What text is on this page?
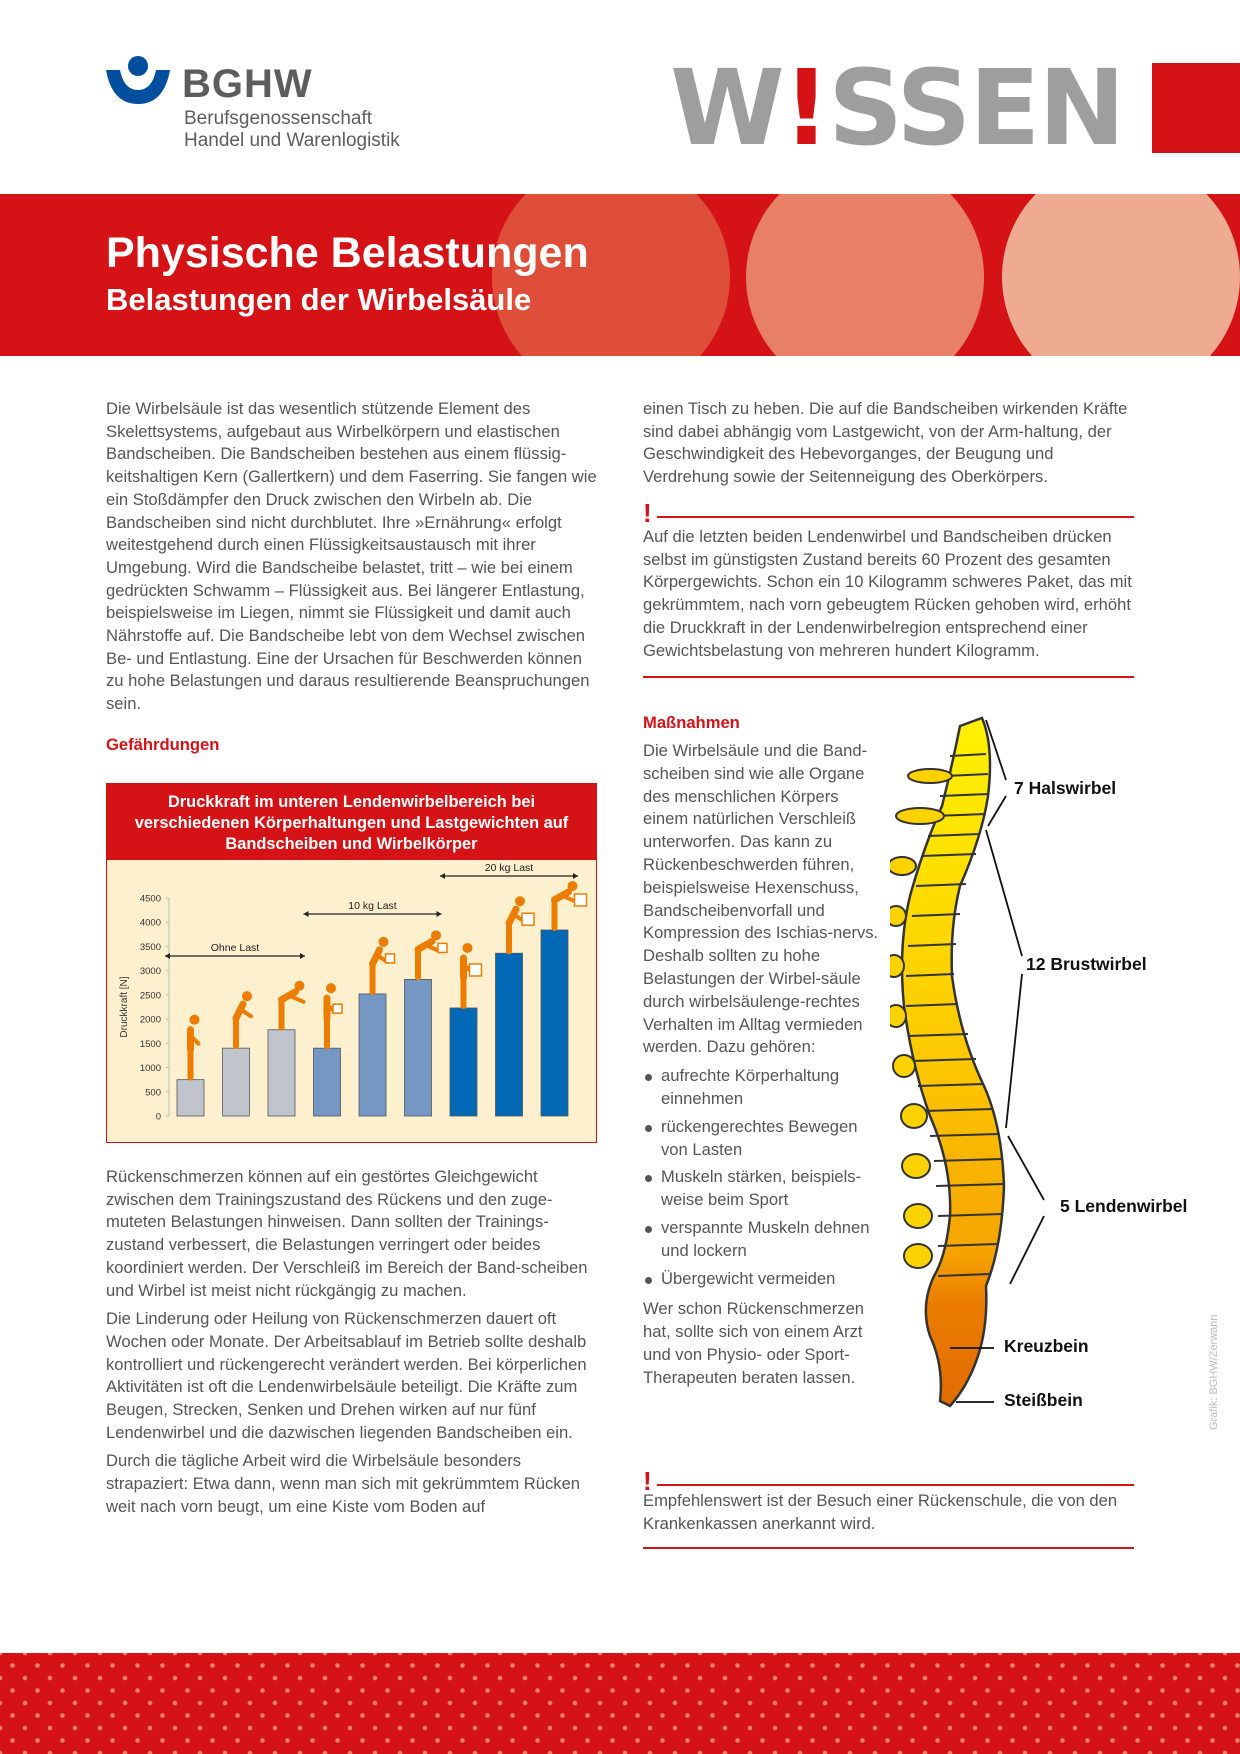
BGHW
Berufsgenossenschaft
Handel und Warenlogistik	W!SSEN
Physische Belastungen
Belastungen der Wirbelsäule

Die Wirbelsäule ist das wesentlich stützende Element des Skelettsystems, aufgebaut aus Wirbelkörpern und elastischen Bandscheiben. Die Bandscheiben bestehen aus einem flüssig-keitshaltigen Kern (Gallertkern) und dem Faserring. Sie fangen wie ein Stoßdämpfer den Druck zwischen den Wirbeln ab. Die Bandscheiben sind nicht durchblutet. Ihre »Ernährung« erfolgt weitestgehend durch einen Flüssigkeitsaustausch mit ihrer Umgebung. Wird die Bandscheibe belastet, tritt – wie bei einem gedrückten Schwamm – Flüssigkeit aus. Bei längerer Entlastung, beispielsweise im Liegen, nimmt sie Flüssigkeit und damit auch Nährstoffe auf. Die Bandscheibe lebt von dem Wechsel zwischen Be- und Entlastung. Eine der Ursachen für Beschwerden können zu hohe Belastungen und daraus resultierende Beanspruchungen sein.

Gefährdungen
Druckkraft im unteren Lendenwirbelbereich bei verschiedenen Körperhaltungen und Lastgewichten auf Bandscheiben und Wirbelkörper
0
500
1000
1500
2000
2500
3000
3500
4000
4500
Druckkraft [N]
Ohne Last
10 kg Last
20 kg Last

Rückenschmerzen können auf ein gestörtes Gleichgewicht zwischen dem Trainingszustand des Rückens und den zuge-muteten Belastungen hinweisen. Dann sollten der Trainings-zustand verbessert, die Belastungen verringert oder beides koordiniert werden. Der Verschleiß im Bereich der Band-scheiben und Wirbel ist meist nicht rückgängig zu machen.

Die Linderung oder Heilung von Rückenschmerzen dauert oft Wochen oder Monate. Der Arbeitsablauf im Betrieb sollte deshalb kontrolliert und rückengerecht verändert werden. Bei körperlichen Aktivitäten ist oft die Lendenwirbelsäule beteiligt. Die Kräfte zum Beugen, Strecken, Senken und Drehen wirken auf nur fünf Lendenwirbel und die dazwischen liegenden Bandscheiben ein.

Durch die tägliche Arbeit wird die Wirbelsäule besonders strapaziert: Etwa dann, wenn man sich mit gekrümmtem Rücken weit nach vorn beugt, um eine Kiste vom Boden auf

einen Tisch zu heben. Die auf die Bandscheiben wirkenden Kräfte sind dabei abhängig vom Lastgewicht, von der Arm-haltung, der Geschwindigkeit des Hebevorganges, der Beugung und Verdrehung sowie der Seitenneigung des Oberkörpers.

!
Auf die letzten beiden Lendenwirbel und Bandscheiben drücken selbst im günstigsten Zustand bereits 60 Prozent des gesamten Körpergewichts. Schon ein 10 Kilogramm schweres Paket, das mit gekrümmtem, nach vorn gebeugtem Rücken gehoben wird, erhöht die Druckkraft in der Lendenwirbelregion entsprechend einer Gewichtsbelastung von mehreren hundert Kilogramm.
Maßnahmen
Die Wirbelsäule und die Band-scheiben sind wie alle Organe des menschlichen Körpers einem natürlichen Verschleiß unterworfen. Das kann zu Rückenbeschwerden führen, beispielsweise Hexenschuss, Bandscheibenvorfall und Kompression des Ischias-nervs. Deshalb sollten zu hohe Belastungen der Wirbel-säule durch wirbelsäulenge-rechtes Verhalten im Alltag vermieden werden. Dazu gehören:
aufrechte Körperhaltung einnehmen
rückengerechtes Bewegen von Lasten
Muskeln stärken, beispiels-weise beim Sport
verspannte Muskeln dehnen und lockern
Übergewicht vermeiden
Wer schon Rückenschmerzen hat, sollte sich von einem Arzt und von Physio- oder Sport-Therapeuten beraten lassen.
7 Halswirbel
12 Brustwirbel
5 Lendenwirbel
Kreuzbein
Steißbein	Grafik: BGHW/Zerwann
!
Empfehlenswert ist der Besuch einer Rückenschule, die von den Krankenkassen anerkannt wird.
